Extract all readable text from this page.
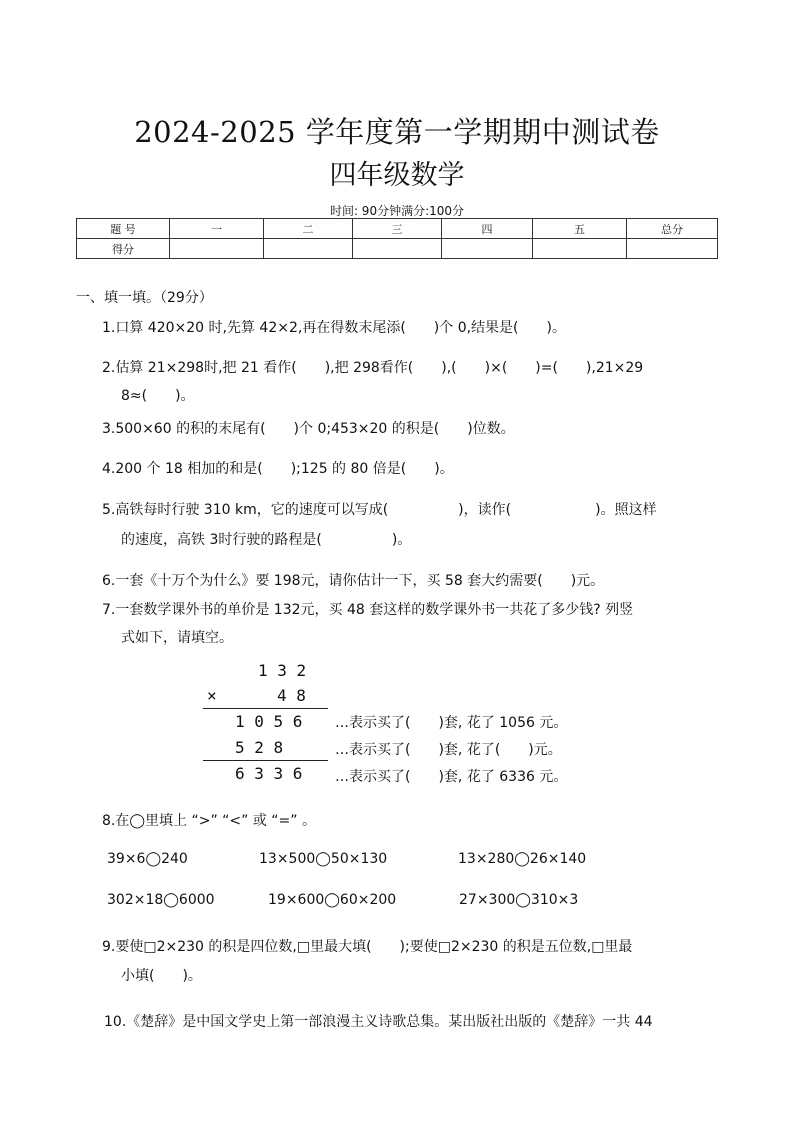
2024-2025 学年度第一学期期中测试卷
四年级数学
时间: 90分钟满分:100分
题 号	一	二	三	四	五	总分
得分						
一、填一填。（29分）
1.口算 420×20 时,先算 42×2,再在得数末尾添(　　)个 0,结果是(　　)。
2.估算 21×298时,把 21 看作(　　),把 298看作(　　),(　　)×(　　)=(　　),21×29
8≈(　　)。
3.500×60 的积的末尾有(　　)个 0;453×20 的积是(　　)位数。
4.200 个 18 相加的和是(　　);125 的 80 倍是(　　)。
5.高铁每时行驶 310 km，它的速度可以写成(　　　　　)，读作(　　　　　　)。照这样
的速度，高铁 3时行驶的路程是(　　　　　)。
6.一套《十万个为什么》要 198元，请你估计一下，买 58 套大约需要(　　)元。
7.一套数学课外书的单价是 132元，买 48 套这样的数学课外书一共花了多少钱? 列竖
式如下，请填空。
1 3 2
×	4 8
1 0 5 6
5 2 8
6 3 3 6
…表示买了(　　)套, 花了 1056 元。
…表示买了(　　)套, 花了(　　)元。
…表示买了(　　)套, 花了 6336 元。
8.在◯里填上 “>” “<” 或 “=” 。
39×6◯240	13×500◯50×130	13×280◯26×140
302×18◯6000	19×600◯60×200	27×300◯310×3
9.要使□2×230 的积是四位数,□里最大填(　　);要使□2×230 的积是五位数,□里最
小填(　　)。
10.《楚辞》是中国文学史上第一部浪漫主义诗歌总集。某出版社出版的《楚辞》一共 44
